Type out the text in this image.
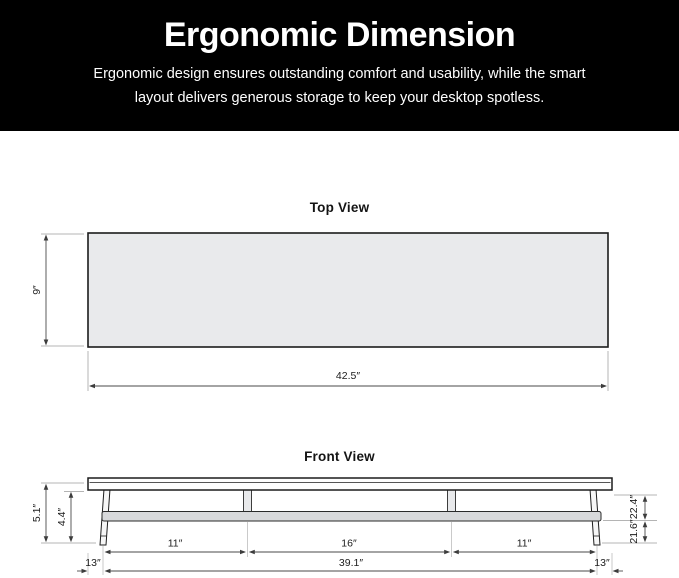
Ergonomic Dimension

Ergonomic design ensures outstanding comfort and usability, while the smart
layout delivers generous storage to keep your desktop spotless.

Top View
9″
42.5″
Front View
5.1″ 4.4″	22.4″
21.6″
11″	16″	11″
39.1″
13″	13″
